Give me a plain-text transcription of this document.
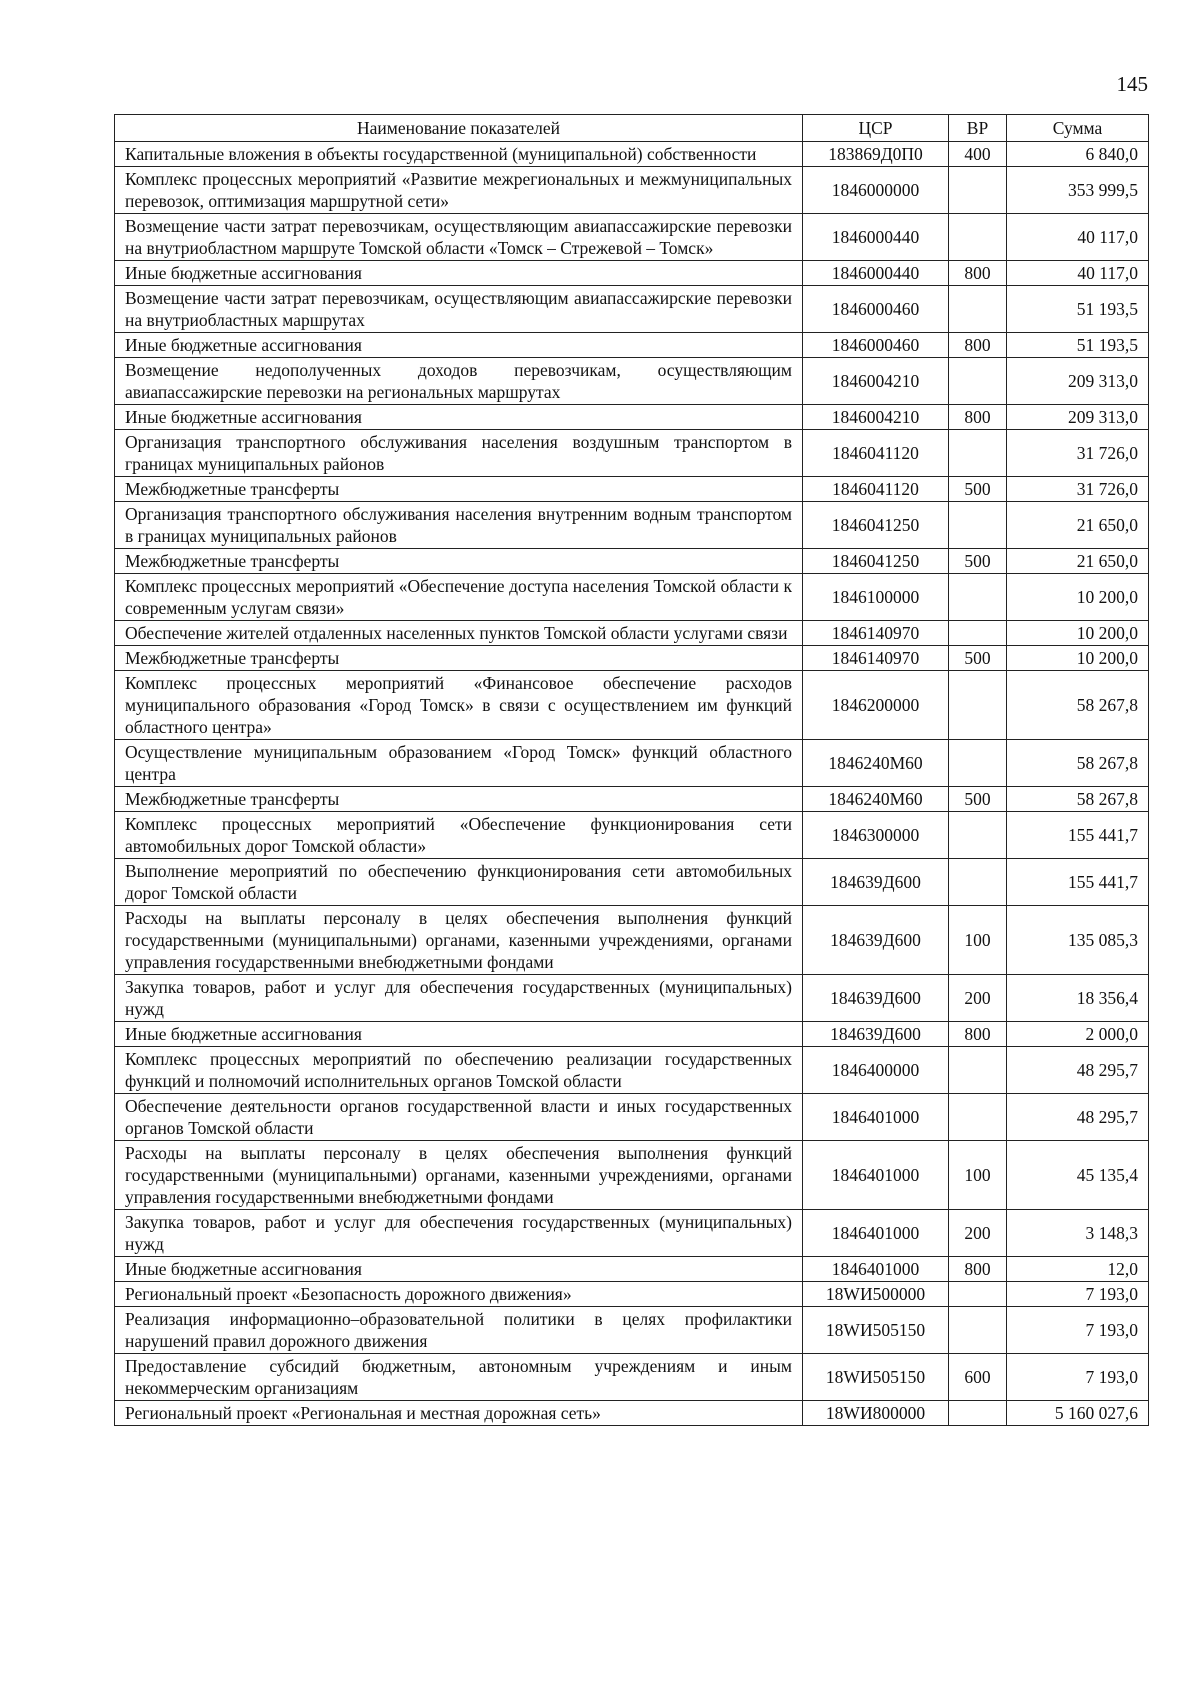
145
Наименование показателей	ЦСР	ВР	Сумма
Капитальные вложения в объекты государственной (муниципальной) собственности	183869Д0П0	400	6 840,0
Комплекс процессных мероприятий «Развитие межрегиональных и межмуниципальных перевозок, оптимизация маршрутной сети»	1846000000		353 999,5
Возмещение части затрат перевозчикам, осуществляющим авиапассажирские перевозки на внутриобластном маршруте Томской области «Томск – Стрежевой – Томск»	1846000440		40 117,0
Иные бюджетные ассигнования	1846000440	800	40 117,0
Возмещение части затрат перевозчикам, осуществляющим авиапассажирские перевозки на внутриобластных маршрутах	1846000460		51 193,5
Иные бюджетные ассигнования	1846000460	800	51 193,5
Возмещение недополученных доходов перевозчикам, осуществляющим авиапассажирские перевозки на региональных маршрутах	1846004210		209 313,0
Иные бюджетные ассигнования	1846004210	800	209 313,0
Организация транспортного обслуживания населения воздушным транспортом в границах муниципальных районов	1846041120		31 726,0
Межбюджетные трансферты	1846041120	500	31 726,0
Организация транспортного обслуживания населения внутренним водным транспортом в границах муниципальных районов	1846041250		21 650,0
Межбюджетные трансферты	1846041250	500	21 650,0
Комплекс процессных мероприятий «Обеспечение доступа населения Томской области к современным услугам связи»	1846100000		10 200,0
Обеспечение жителей отдаленных населенных пунктов Томской области услугами связи	1846140970		10 200,0
Межбюджетные трансферты	1846140970	500	10 200,0
Комплекс процессных мероприятий «Финансовое обеспечение расходов муниципального образования «Город Томск» в связи с осуществлением им функций областного центра»	1846200000		58 267,8
Осуществление муниципальным образованием «Город Томск» функций областного центра	1846240М60		58 267,8
Межбюджетные трансферты	1846240М60	500	58 267,8
Комплекс процессных мероприятий «Обеспечение функционирования сети автомобильных дорог Томской области»	1846300000		155 441,7
Выполнение мероприятий по обеспечению функционирования сети автомобильных дорог Томской области	184639Д600		155 441,7
Расходы на выплаты персоналу в целях обеспечения выполнения функций государственными (муниципальными) органами, казенными учреждениями, органами управления государственными внебюджетными фондами	184639Д600	100	135 085,3
Закупка товаров, работ и услуг для обеспечения государственных (муниципальных) нужд	184639Д600	200	18 356,4
Иные бюджетные ассигнования	184639Д600	800	2 000,0
Комплекс процессных мероприятий по обеспечению реализации государственных функций и полномочий исполнительных органов Томской области	1846400000		48 295,7
Обеспечение деятельности органов государственной власти и иных государственных органов Томской области	1846401000		48 295,7
Расходы на выплаты персоналу в целях обеспечения выполнения функций государственными (муниципальными) органами, казенными учреждениями, органами управления государственными внебюджетными фондами	1846401000	100	45 135,4
Закупка товаров, работ и услуг для обеспечения государственных (муниципальных) нужд	1846401000	200	3 148,3
Иные бюджетные ассигнования	1846401000	800	12,0
Региональный проект «Безопасность дорожного движения»	18WИ500000		7 193,0
Реализация информационно–образовательной политики в целях профилактики нарушений правил дорожного движения	18WИ505150		7 193,0
Предоставление субсидий бюджетным, автономным учреждениям и иным некоммерческим организациям	18WИ505150	600	7 193,0
Региональный проект «Региональная и местная дорожная сеть»	18WИ800000		5 160 027,6
